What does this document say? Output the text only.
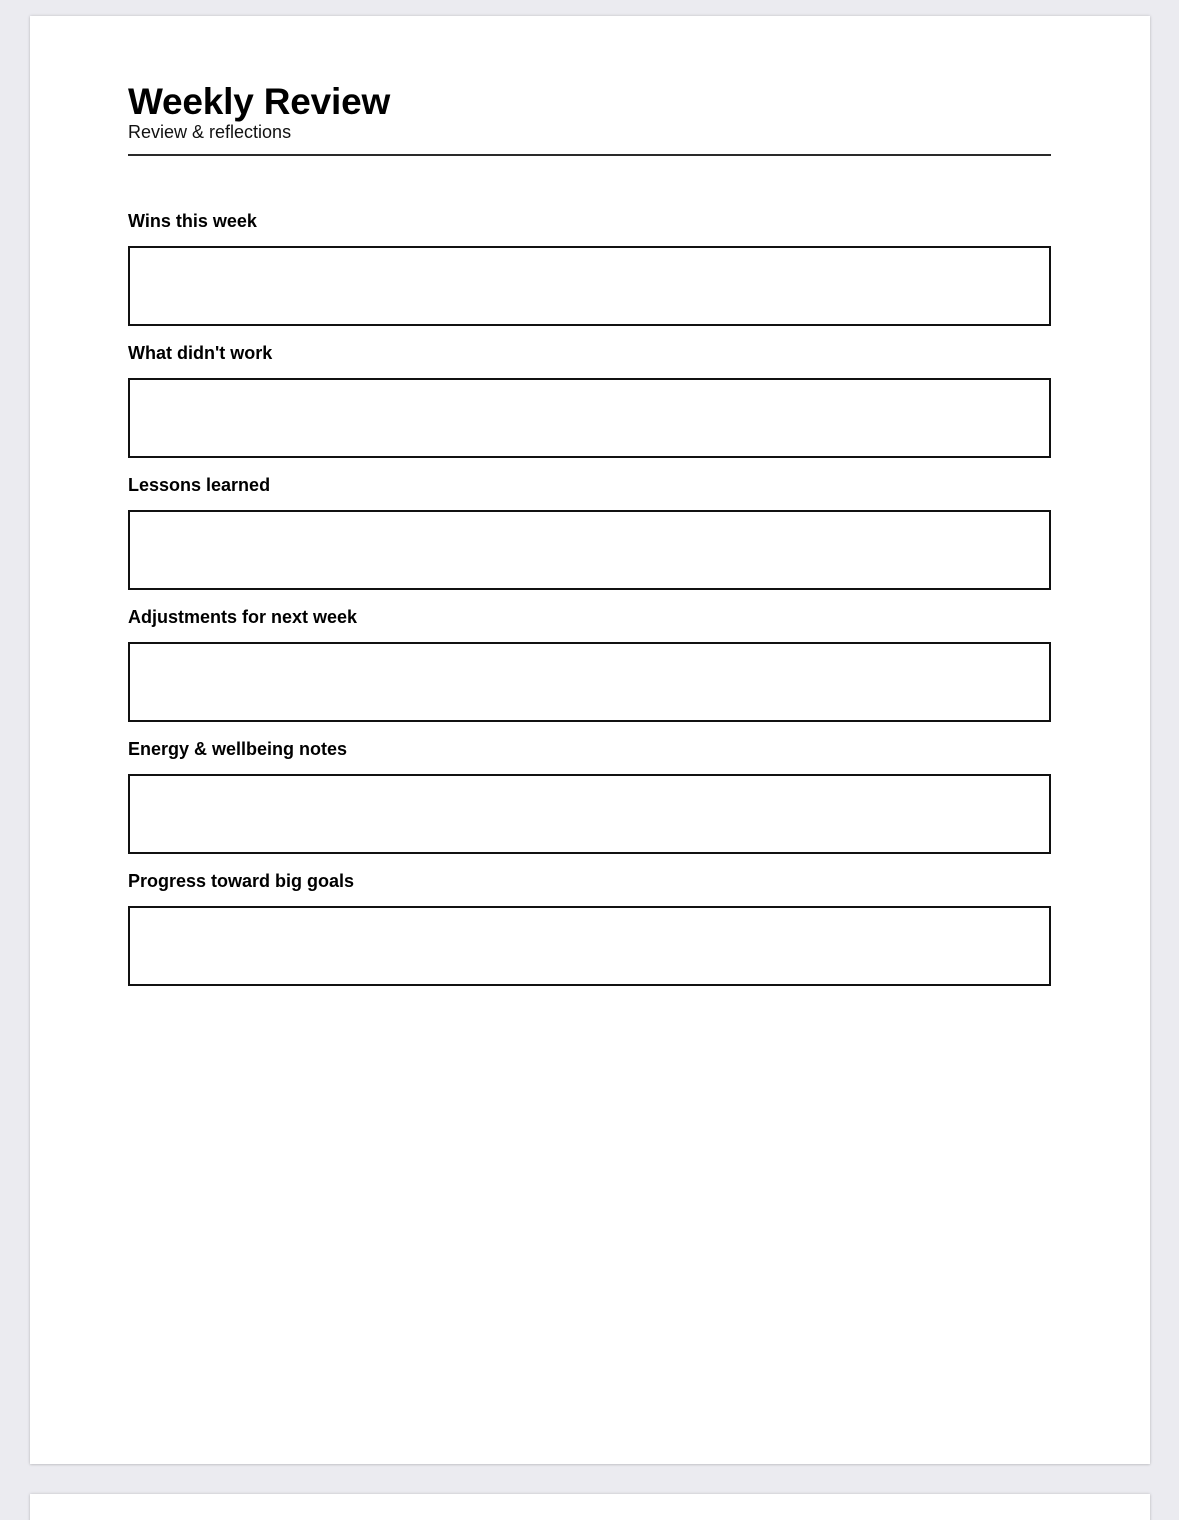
Weekly Review

Review & reflections

Wins this week
What didn't work
Lessons learned
Adjustments for next week
Energy & wellbeing notes
Progress toward big goals
